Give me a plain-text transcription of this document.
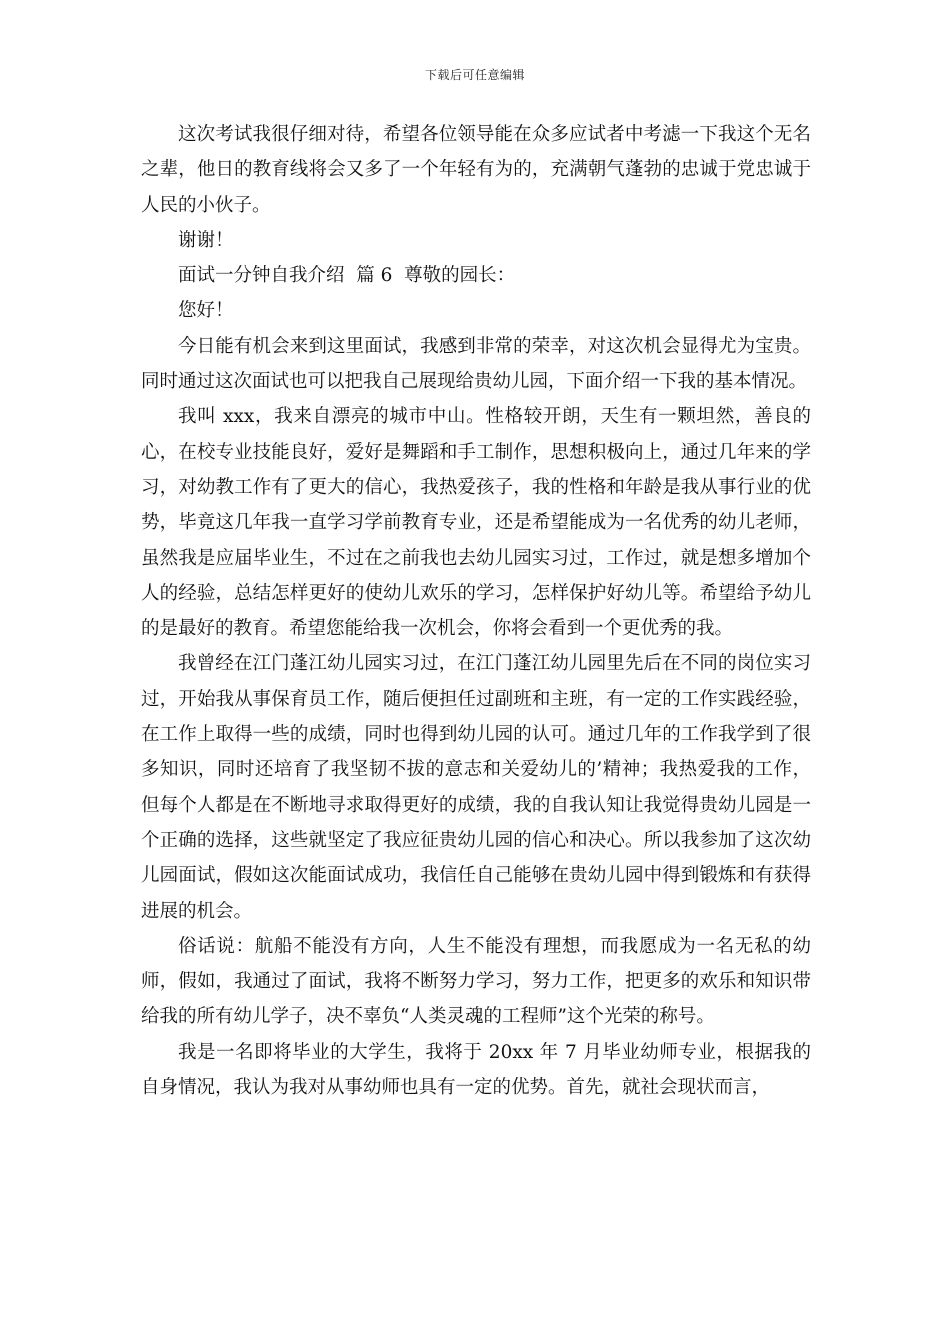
下载后可任意编辑

这次考试我很仔细对待，希望各位领导能在众多应试者中考滤一下我这个无名之辈，他日的教育线将会又多了一个年轻有为的，充满朝气蓬勃的忠诚于党忠诚于人民的小伙子。

谢谢！

面试一分钟自我介绍  篇 6  尊敬的园长：

您好！

今日能有机会来到这里面试，我感到非常的荣幸，对这次机会显得尤为宝贵。同时通过这次面试也可以把我自己展现给贵幼儿园，下面介绍一下我的基本情况。

我叫 xxx，我来自漂亮的城市中山。性格较开朗，天生有一颗坦然，善良的心，在校专业技能良好，爱好是舞蹈和手工制作，思想积极向上，通过几年来的学习，对幼教工作有了更大的信心，我热爱孩子，我的性格和年龄是我从事行业的优势，毕竟这几年我一直学习学前教育专业，还是希望能成为一名优秀的幼儿老师，虽然我是应届毕业生，不过在之前我也去幼儿园实习过，工作过，就是想多增加个人的经验，总结怎样更好的使幼儿欢乐的学习，怎样保护好幼儿等。希望给予幼儿的是最好的教育。希望您能给我一次机会，你将会看到一个更优秀的我。

我曾经在江门蓬江幼儿园实习过，在江门蓬江幼儿园里先后在不同的岗位实习过，开始我从事保育员工作，随后便担任过副班和主班，有一定的工作实践经验，在工作上取得一些的成绩，同时也得到幼儿园的认可。通过几年的工作我学到了很多知识，同时还培育了我坚韧不拔的意志和关爱幼儿的’精神；我热爱我的工作，但每个人都是在不断地寻求取得更好的成绩，我的自我认知让我觉得贵幼儿园是一个正确的选择，这些就坚定了我应征贵幼儿园的信心和决心。所以我参加了这次幼儿园面试，假如这次能面试成功，我信任自己能够在贵幼儿园中得到锻炼和有获得进展的机会。

俗话说：航船不能没有方向，人生不能没有理想，而我愿成为一名无私的幼师，假如，我通过了面试，我将不断努力学习，努力工作，把更多的欢乐和知识带给我的所有幼儿学子，决不辜负“人类灵魂的工程师”这个光荣的称号。

我是一名即将毕业的大学生，我将于 20xx 年 7 月毕业幼师专业，根据我的自身情况，我认为我对从事幼师也具有一定的优势。首先，就社会现状而言，
